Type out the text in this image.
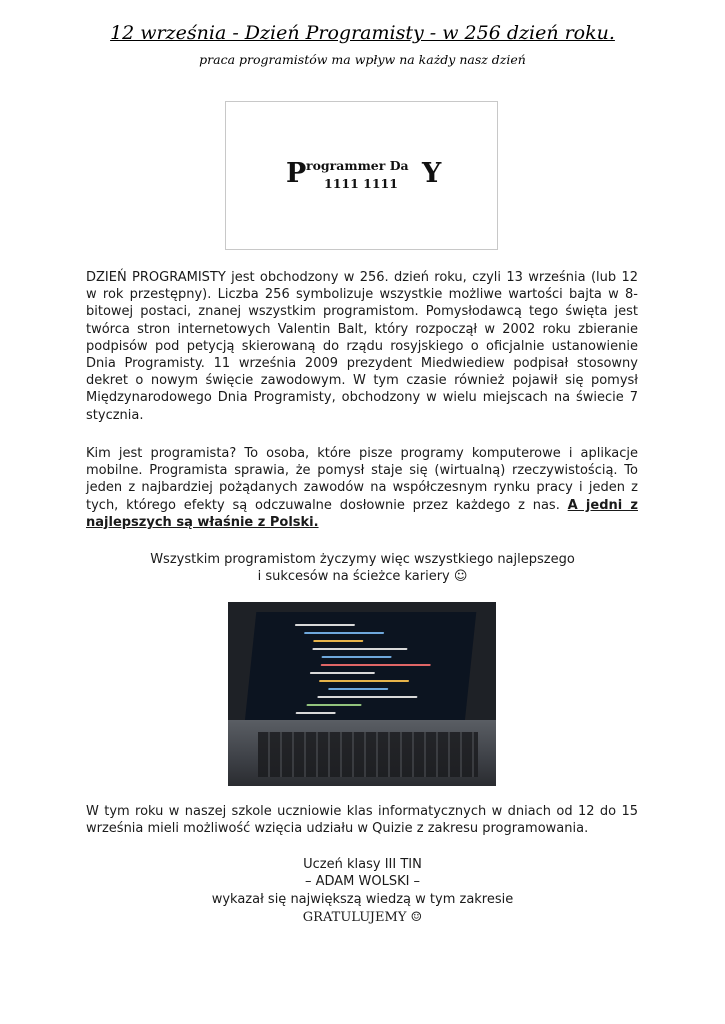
12 września - Dzień Programisty - w 256 dzień roku.

praca programistów ma wpływ na każdy nasz dzień

P rogrammer Da
1111 1111 Y

DZIEŃ PROGRAMISTY jest obchodzony w 256. dzień roku, czyli 13 września (lub 12 w rok przestępny). Liczba 256 symbolizuje wszystkie możliwe wartości bajta w 8-bitowej postaci, znanej wszystkim programistom. Pomysłodawcą tego święta jest twórca stron internetowych Valentin Balt, który rozpoczął w 2002 roku zbieranie podpisów pod petycją skierowaną do rządu rosyjskiego o oficjalnie ustanowienie Dnia Programisty. 11 września 2009 prezydent Miedwiediew podpisał stosowny dekret o nowym święcie zawodowym. W tym czasie również pojawił się pomysł Międzynarodowego Dnia Programisty, obchodzony w wielu miejscach na świecie 7 stycznia.

Kim jest programista? To osoba, które pisze programy komputerowe i aplikacje mobilne. Programista sprawia, że pomysł staje się (wirtualną) rzeczywistością. To jeden z najbardziej pożądanych zawodów na współczesnym rynku pracy i jeden z tych, którego efekty są odczuwalne dosłownie przez każdego z nas. A jedni z najlepszych są właśnie z Polski.

Wszystkim programistom życzymy więc wszystkiego najlepszego
i sukcesów na ścieżce kariery ☺

W tym roku w naszej szkole uczniowie klas informatycznych w dniach od 12 do 15 września mieli możliwość wzięcia udziału w Quizie z zakresu programowania.

Uczeń klasy III TIN
– ADAM WOLSKI –
wykazał się największą wiedzą w tym zakresie
GRATULUJEMY ☺
